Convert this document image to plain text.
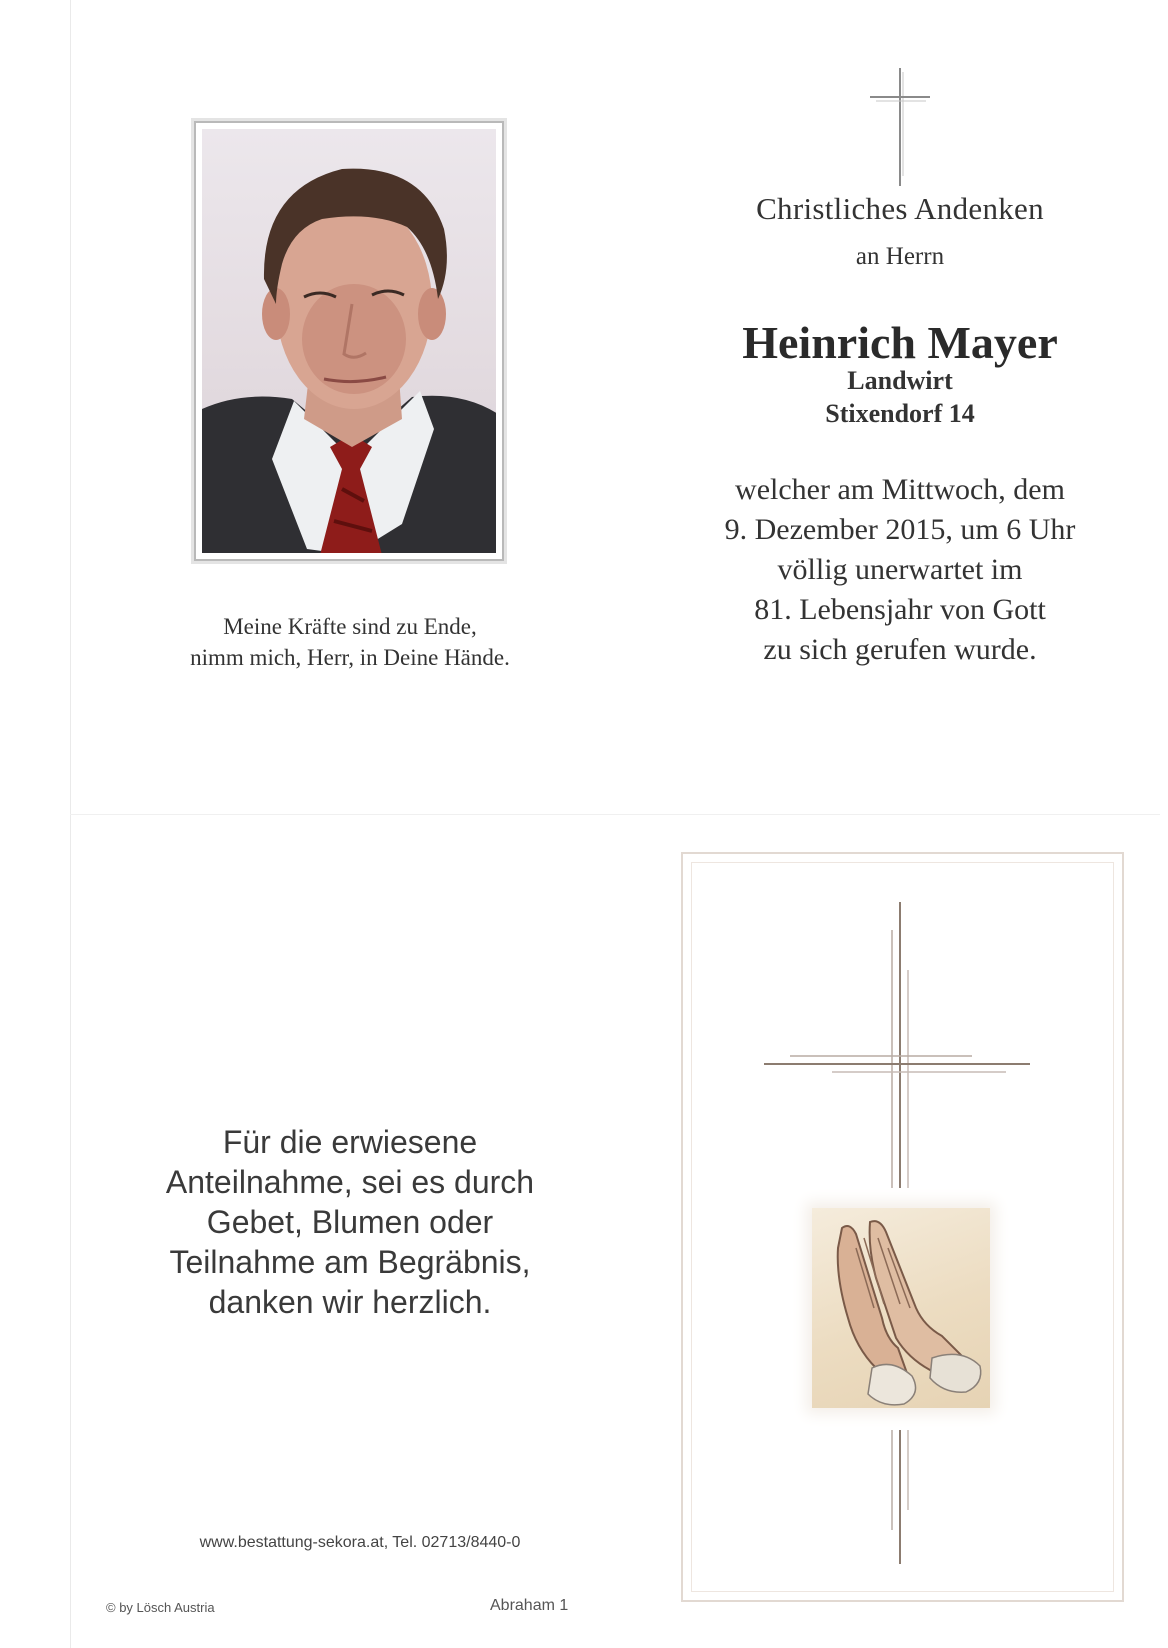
Meine Kräfte sind zu Ende,
nimm mich, Herr, in Deine Hände.
Christliches Andenken
an Herrn
Heinrich Mayer
Landwirt
Stixendorf 14
welcher am Mittwoch, dem
9. Dezember 2015, um 6 Uhr
völlig unerwartet im
81. Lebensjahr von Gott
zu sich gerufen wurde.
Für die erwiesene
Anteilnahme, sei es durch
Gebet, Blumen oder
Teilnahme am Begräbnis,
danken wir herzlich.
www.bestattung-sekora.at, Tel. 02713/8440-0
© by Lösch Austria	Abraham 1
